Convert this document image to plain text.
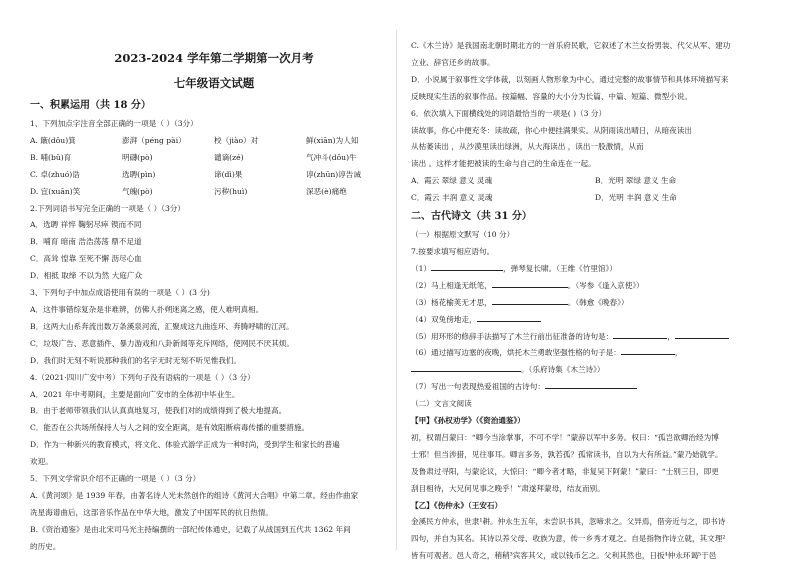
2023-2024 学年第二学期第一次月考
七年级语文试题
一、积累运用（共 18 分）
1、下列加点字注音全部正确的一项是（ ）（3分）
A. 簸(dǒu)箕	澎湃（péng pài）	校（jiào）对	鲜(xiān)为人知
B. 哺(bǔ)育	明礴(pò)	谴谪(zé)	气冲斗(dǒu)牛
C. 卓(zhuó)诰	选聘(pìn)	谛(dì)果	谆(zhūn)谆告诫
D. 宜(xuān)笑	气魄(pò)	污秽(huì)	深恶(è)痛绝
2.下列词语书写完全正确的一项是（ ）（3分）
A．选聘 祥悴 鞠躬尽瘁 锲而不同
B．哺育 暗南 浩浩荡荡 鼎不足道
C．高耸 惶靠 至死不懈 沥尽心血
D．相抵 取缔 不以为然 大庭广众
3、下列句子中加点成语使用有误的一项是（ ）(3 分)
A．这件事错综复杂是非难辨，仿佛人扑朔迷离之感，使人难明真相。
B．这两大山系奔流出数万条溪泉河流，汇聚成这九曲连环、奔腾呼啸的江河。
C．垃圾广告、恶意插件、暴力游戏和八卦新闻等充斥网络，使网民不厌其烦。
D．我们时无刻不听说那种我们的名字无时无刻不听见惟我们。
4.（2021·四川广安中考）下列句子没有语病的一项是（ ）（3 分）
A．2021 年中考期间，主要是面向广安市的全体初中毕业生。
B．由于老师带领我们认认真真地复习，使我们对的成绩得到了极大地提高。
C．能否在公共场所保持人与人之间的安全距离，是有效阻断病毒传播的重要措施。
D．作为一种新兴的教育模式，将文化、体验式游学正成为一种时尚，受到学生和家长的普遍
欢迎。
5．下列文学常识介绍不正确的一项是（ ）（3 分）
A.《黄河颂》是 1939 年春，由著名诗人光未然创作的组诗《黄河大合唱》中第二章。经由作曲家
冼星海谱曲后，这部音乐作品在中华大地，激发了中国军民的抗日热情。
B.《资治通鉴》是由北宋司马光主持编撰的一部纪传体通史，记载了从战国到五代共 1362 年间
的历史。
C.《木兰诗》是我国南北朝时期北方的一首乐府民歌，它叙述了木兰女扮男装、代父从军、建功
立业、辞官还乡的故事。
D．小说属于叙事性文学体裁，以刻画人物形象为中心，通过完整的故事情节和具体环境描写来
反映现实生活的叙事作品。按篇幅、容量的大小分为长篇、中篇、短篇、微型小说。
6．依次填入下面横线处的词语最恰当的一项是( )（3 分）
读故事，你心中便充冬：读故疏，你心中便挂满果实。从阴雨读出晴日，从暗夜读出
从枯萎读出 ，从沙漠里读出绿洲，从大海读出 ，读出一股激情，从而
读出 。这样才能把被读的生命与自己的生命连在一起。
A．霞云 翠绿 意义 灵魂	B．光明 翠绿 意义 生命
C．霞云 丰润 意义 灵魂	D．光明 丰润 意义 生命
二、古代诗文（共 31 分）
（一）根据原文默写（10 分）
7.按要求填写相应语句。
（1）	，弹琴复长啸。（王维《竹里馆》）
（2）马上相逢无纸笔，	。（岑参《逢入京使》）
（3）杨花榆荚无才思，	。（韩愈《晚春》）
（4）双兔傍地走，
（5）用环形的修辞手法描写了木兰行前出征准备的诗句是：	，
（6）通过描写边塞的夜晚，烘托木兰勇敢坚强性格的句子是：	，
。（乐府诗集《木兰诗》）
（7）写出一句表现热爱祖国的古诗句：
（二）文言文阅读
【甲】《孙权劝学》（《资治通鉴》）
初，权谓吕蒙曰：“卿今当涂掌事，不可不学！”蒙辞以军中多务。权曰：“孤岂欲卿治经为博
士邪！但当涉猎，见往事耳。卿言多务，孰若孤？孤常读书，自以为大有所益。”蒙乃始就学。
及鲁肃过寻阳，与蒙论议，大惊曰：“卿今者才略，非复吴下阿蒙！”蒙曰：“士别三日，即更
刮目相待，大兄何见事之晚乎！”肃遂拜蒙母，结友而别。
【乙】《伤仲永》（王安石）
金溪民方仲永，世隶¹耕。仲永生五年，未尝识书具，忽啼求之。父异焉，借旁近与之，即书诗
四句，并自为其名。其诗以养父母、收族为意，传一乡秀才观之。自是指物作诗立就，其文理²
皆有可观者。邑人奇之，稍稍³宾客其父，或以钱币乞之。父利其然也，日扳⁴仲永环谒⁵于邑
